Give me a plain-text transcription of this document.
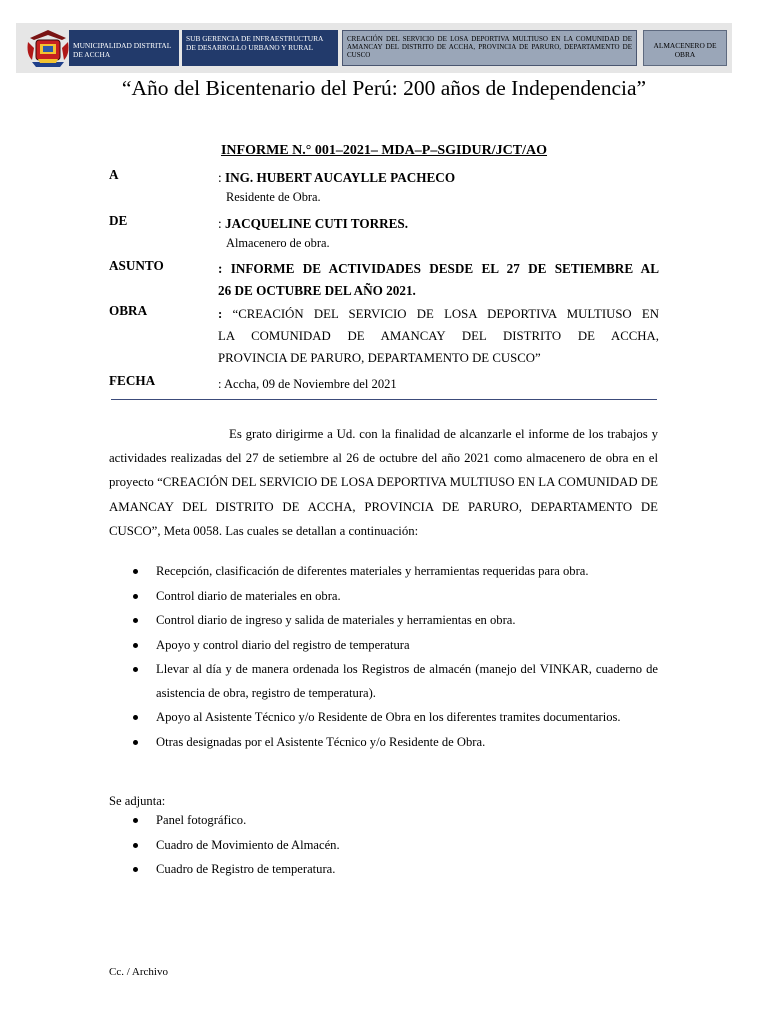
MUNICIPALIDAD DISTRITAL DE ACCHA
SUB GERENCIA DE INFRAESTRUCTURA DE DESARROLLO URBANO Y RURAL
CREACIÓN DEL SERVICIO DE LOSA DEPORTIVA MULTIUSO EN LA COMUNIDAD DE AMANCAY DEL DISTRITO DE ACCHA, PROVINCIA DE PARURO, DEPARTAMENTO DE CUSCO
ALMACENERO DE OBRA
“Año del Bicentenario del Perú: 200 años de Independencia”
INFORME N.° 001–2021– MDA–P–SGIDUR/JCT/AO
A	: ING. HUBERT AUCAYLLE PACHECO
Residente de Obra.
DE	: JACQUELINE CUTI TORRES.
Almacenero de obra.
ASUNTO	: INFORME DE ACTIVIDADES DESDE EL 27 DE SETIEMBRE AL
26 DE OCTUBRE DEL AÑO 2021.
OBRA	: “CREACIÓN DEL SERVICIO DE LOSA DEPORTIVA MULTIUSO EN
LA COMUNIDAD DE AMANCAY DEL DISTRITO DE ACCHA,
PROVINCIA DE PARURO, DEPARTAMENTO DE CUSCO”
FECHA	: Accha, 09 de Noviembre del 2021
Es grato dirigirme a Ud. con la finalidad de alcanzarle el informe de los trabajos y actividades realizadas del 27 de setiembre al 26 de octubre del año 2021 como almacenero de obra en el proyecto “CREACIÓN DEL SERVICIO DE LOSA DEPORTIVA MULTIUSO EN LA COMUNIDAD DE AMANCAY DEL DISTRITO DE ACCHA, PROVINCIA DE PARURO, DEPARTAMENTO DE CUSCO”, Meta 0058. Las cuales se detallan a continuación:
Recepción, clasificación de diferentes materiales y herramientas requeridas para obra.
Control diario de materiales en obra.
Control diario de ingreso y salida de materiales y herramientas en obra.
Apoyo y control diario del registro de temperatura
Llevar al día y de manera ordenada los Registros de almacén (manejo del VINKAR, cuaderno de asistencia de obra, registro de temperatura).
Apoyo al Asistente Técnico y/o Residente de Obra en los diferentes tramites documentarios.
Otras designadas por el Asistente Técnico y/o Residente de Obra.
Se adjunta:
Panel fotográfico.
Cuadro de Movimiento de Almacén.
Cuadro de Registro de temperatura.
Cc. / Archivo
